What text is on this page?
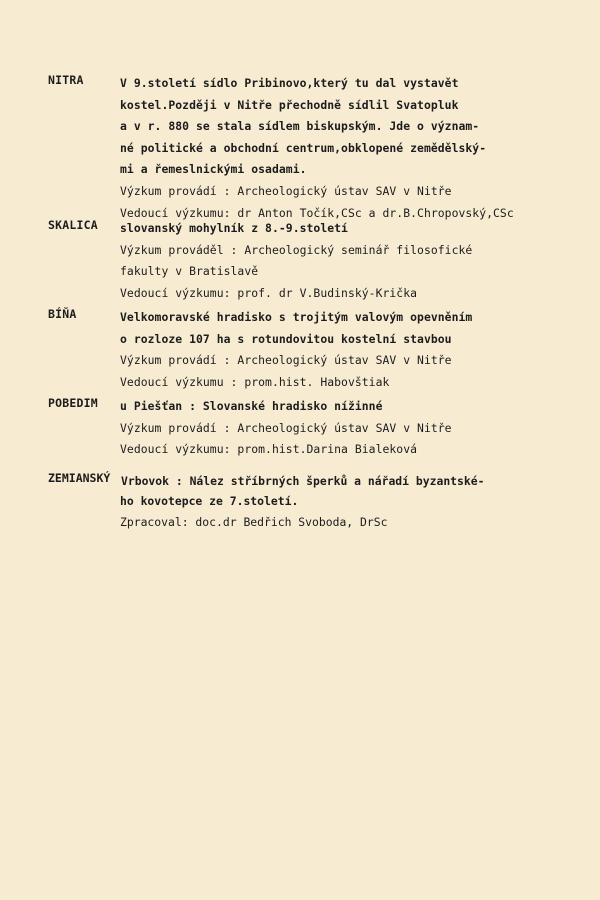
NITRA	V 9.století sídlo Pribinovo,který tu dal vystavět
kostel.Později v Nitře přechodně sídlil Svatopluk
a v r. 880 se stala sídlem biskupským. Jde o význam-
né politické a obchodní centrum,obklopené zemědělský-
mi a řemeslnickými osadami.
Výzkum provádí : Archeologický ústav SAV v Nitře
Vedoucí výzkumu: dr Anton Točík,CSc a dr.B.Chropovský,CSc
SKALICA slovanský mohylník z 8.-9.století
Výzkum prováděl : Archeologický seminář filosofické
fakulty v Bratislavě
Vedoucí výzkumu: prof. dr V.Budinský-Krička
BÍŇA	Velkomoravské hradisko s trojitým valovým opevněním
o rozloze 107 ha s rotundovitou kostelní stavbou
Výzkum provádí : Archeologický ústav SAV v Nitře
Vedoucí výzkumu : prom.hist. Habovštiak
POBEDIM u Piešťan : Slovanské hradisko nížinné
Výzkum provádí : Archeologický ústav SAV v Nitře
Vedoucí výzkumu: prom.hist.Darina Bialeková
ZEMIANSKÝ Vrbovok : Nález stříbrných šperků a nářadí byzantské-
ho kovotepce ze 7.století.
Zpracoval: doc.dr Bedřich Svoboda, DrSc
